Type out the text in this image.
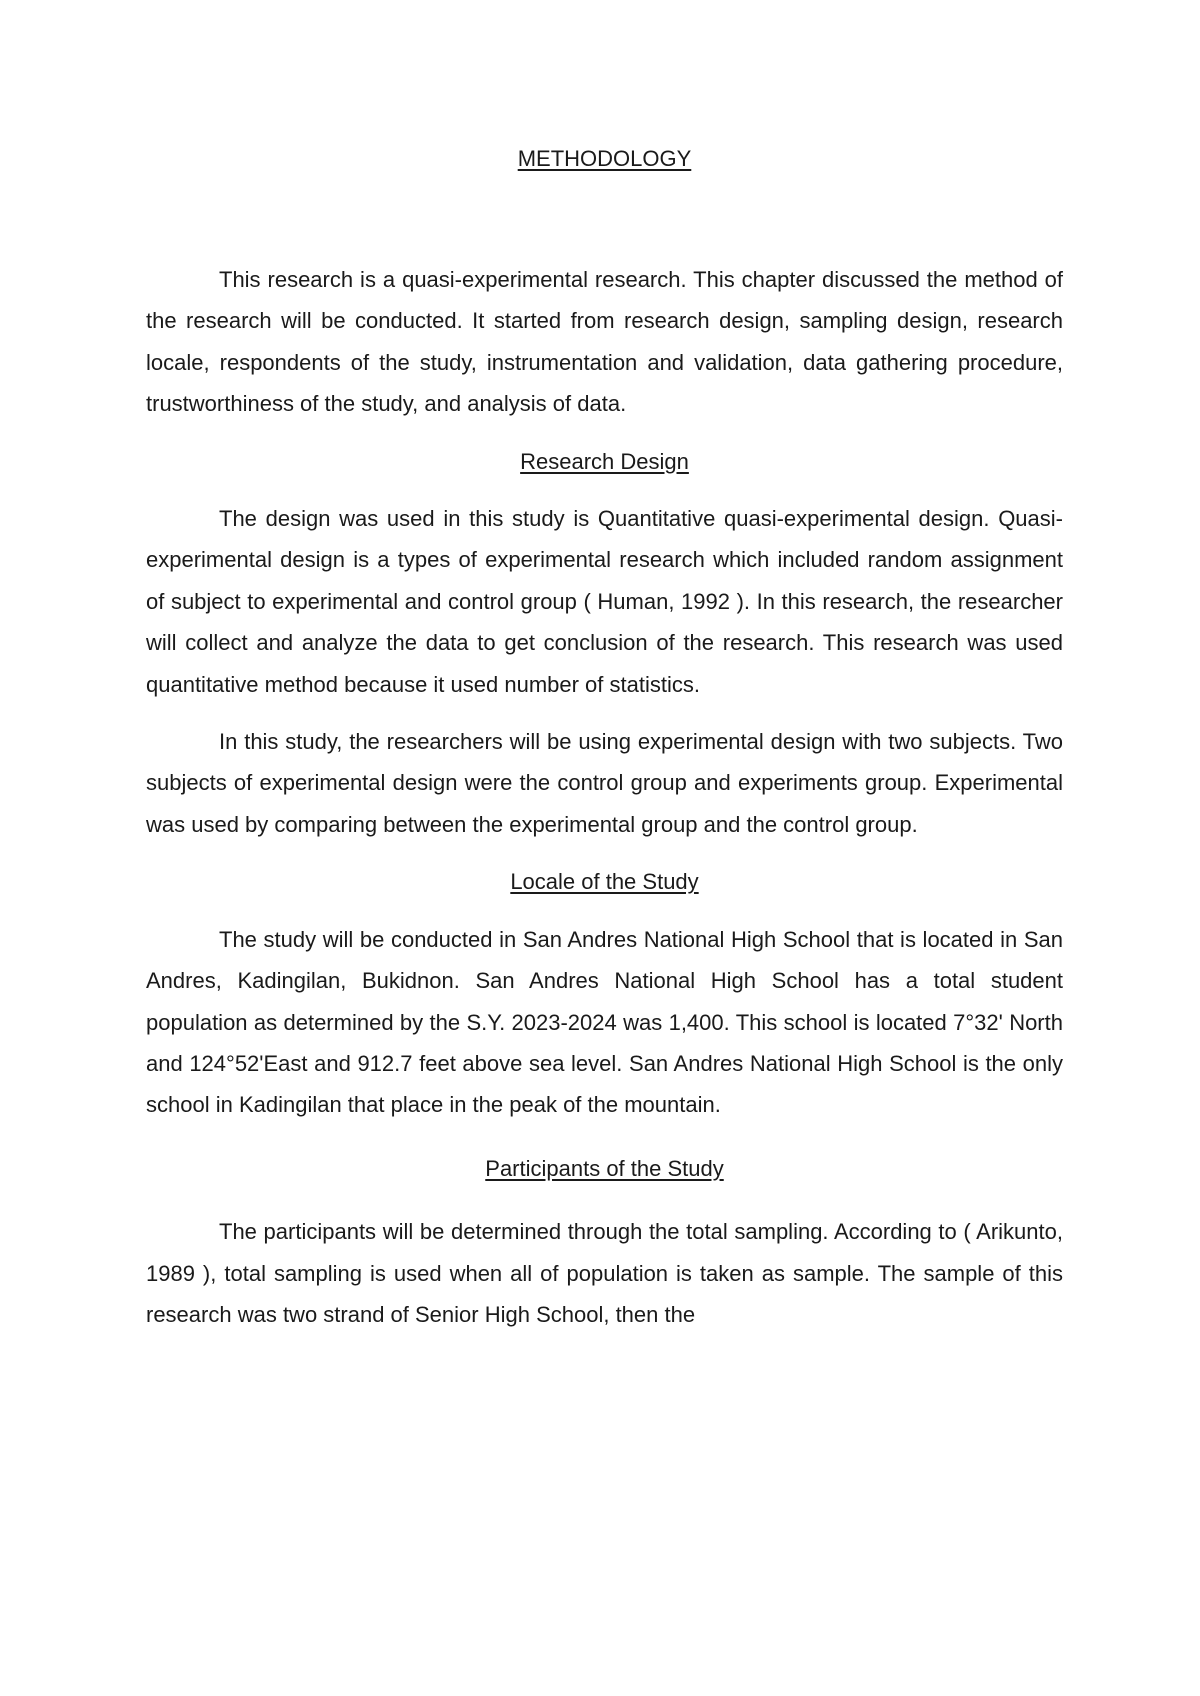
METHODOLOGY

This research is a quasi-experimental research. This chapter discussed the method of the research will be conducted. It started from research design, sampling design, research locale, respondents of the study, instrumentation and validation, data gathering procedure, trustworthiness of the study, and analysis of data.

Research Design

The design was used in this study is Quantitative quasi-experimental design. Quasi-experimental design is a types of experimental research which included random assignment of subject to experimental and control group ( Human, 1992 ). In this research, the researcher will collect and analyze the data to get conclusion of the research. This research was used quantitative method because it used number of statistics.

In this study, the researchers will be using experimental design with two subjects. Two subjects of experimental design were the control group and experiments group. Experimental was used by comparing between the experimental group and the control group.

Locale of the Study

The study will be conducted in San Andres National High School that is located in San Andres, Kadingilan, Bukidnon. San Andres National High School has a total student population as determined by the S.Y. 2023-2024 was 1,400. This school is located 7°32' North and 124°52'East and 912.7 feet above sea level. San Andres National High School is the only school in Kadingilan that place in the peak of the mountain.

Participants of the Study

The participants will be determined through the total sampling. According to ( Arikunto, 1989 ), total sampling is used when all of population is taken as sample. The sample of this research was two strand of Senior High School, then the
